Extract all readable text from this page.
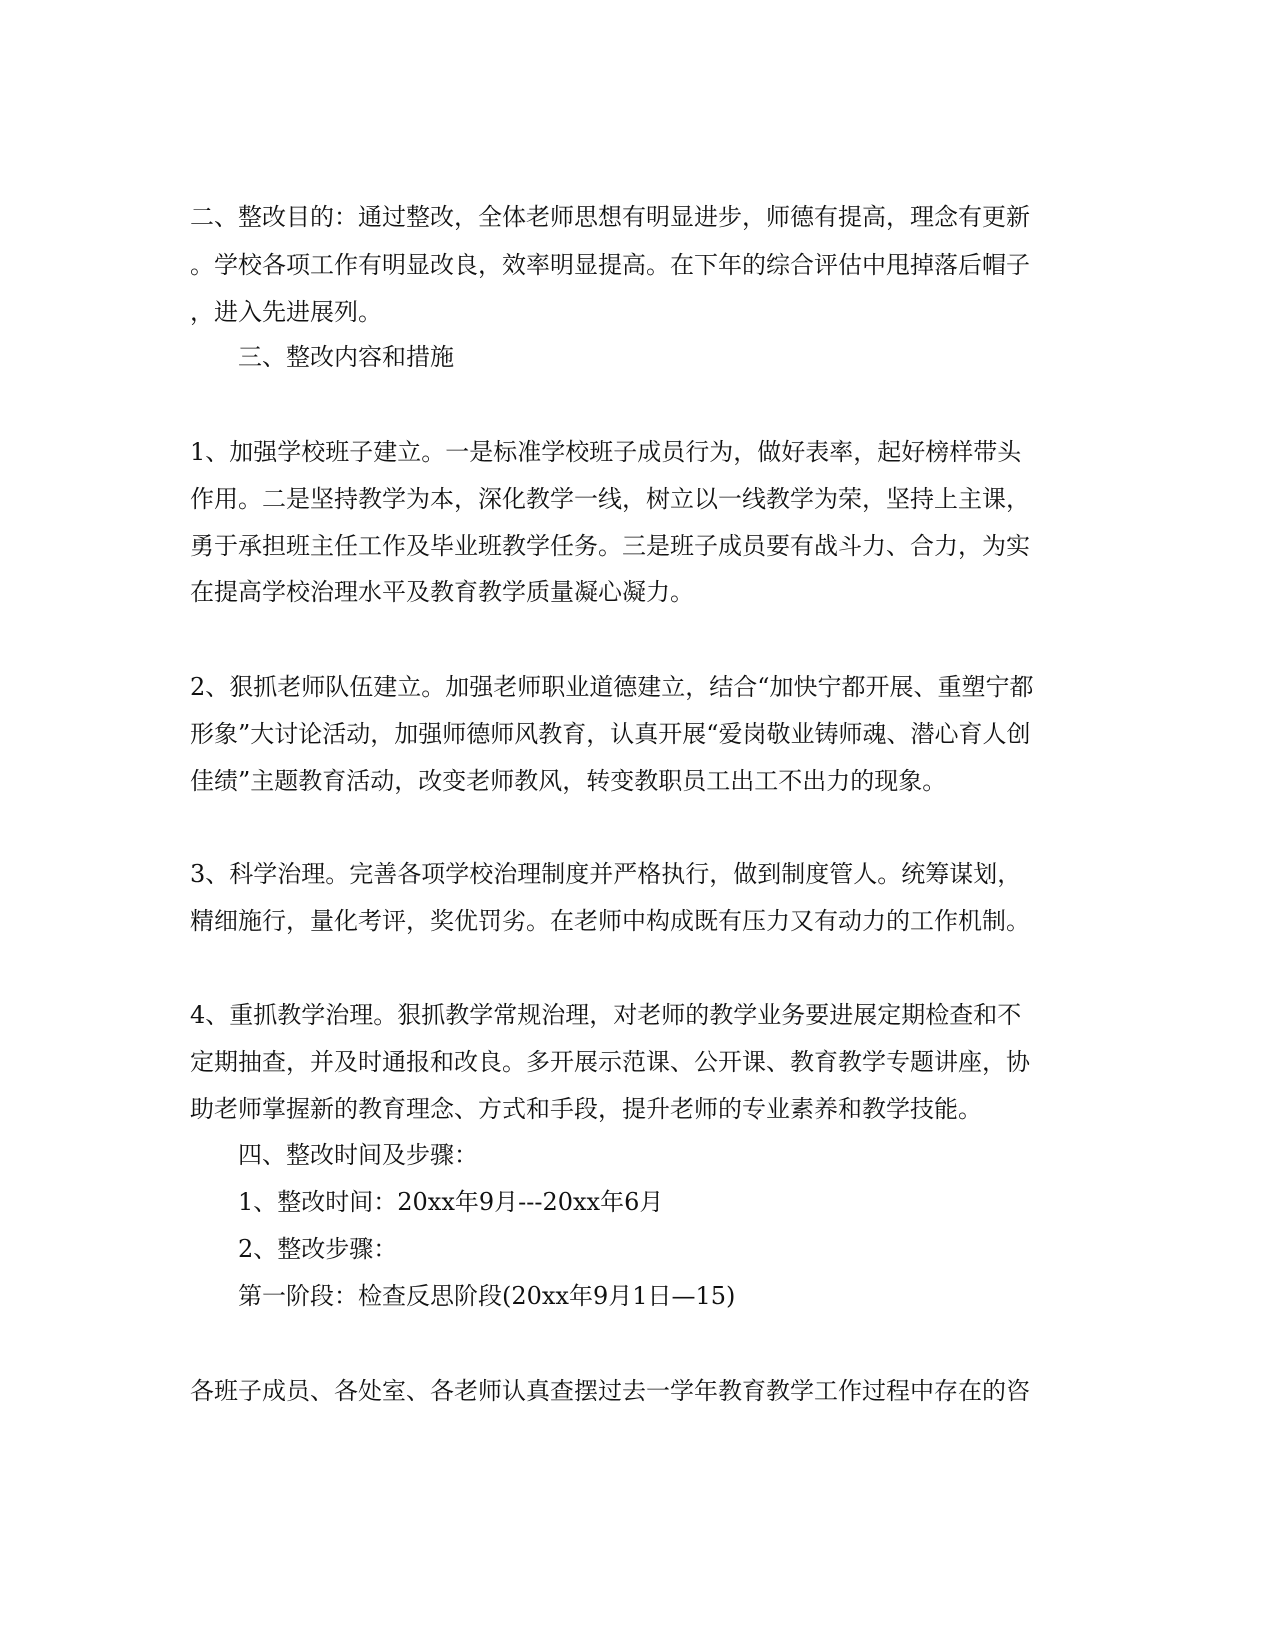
二、整改目的：通过整改，全体老师思想有明显进步，师德有提高，理念有更新
。学校各项工作有明显改良，效率明显提高。在下年的综合评估中甩掉落后帽子
，进入先进展列。
三、整改内容和措施
1、加强学校班子建立。一是标准学校班子成员行为，做好表率，起好榜样带头
作用。二是坚持教学为本，深化教学一线，树立以一线教学为荣，坚持上主课，
勇于承担班主任工作及毕业班教学任务。三是班子成员要有战斗力、合力，为实
在提高学校治理水平及教育教学质量凝心凝力。
2、狠抓老师队伍建立。加强老师职业道德建立，结合“加快宁都开展、重塑宁都
形象”大讨论活动，加强师德师风教育，认真开展“爱岗敬业铸师魂、潜心育人创
佳绩”主题教育活动，改变老师教风，转变教职员工出工不出力的现象。
3、科学治理。完善各项学校治理制度并严格执行，做到制度管人。统筹谋划，
精细施行，量化考评，奖优罚劣。在老师中构成既有压力又有动力的工作机制。
4、重抓教学治理。狠抓教学常规治理，对老师的教学业务要进展定期检查和不
定期抽查，并及时通报和改良。多开展示范课、公开课、教育教学专题讲座，协
助老师掌握新的教育理念、方式和手段，提升老师的专业素养和教学技能。
四、整改时间及步骤：
1、整改时间：20xx年9月---20xx年6月
2、整改步骤：
第一阶段：检查反思阶段(20xx年9月1日—15)
各班子成员、各处室、各老师认真查摆过去一学年教育教学工作过程中存在的咨
